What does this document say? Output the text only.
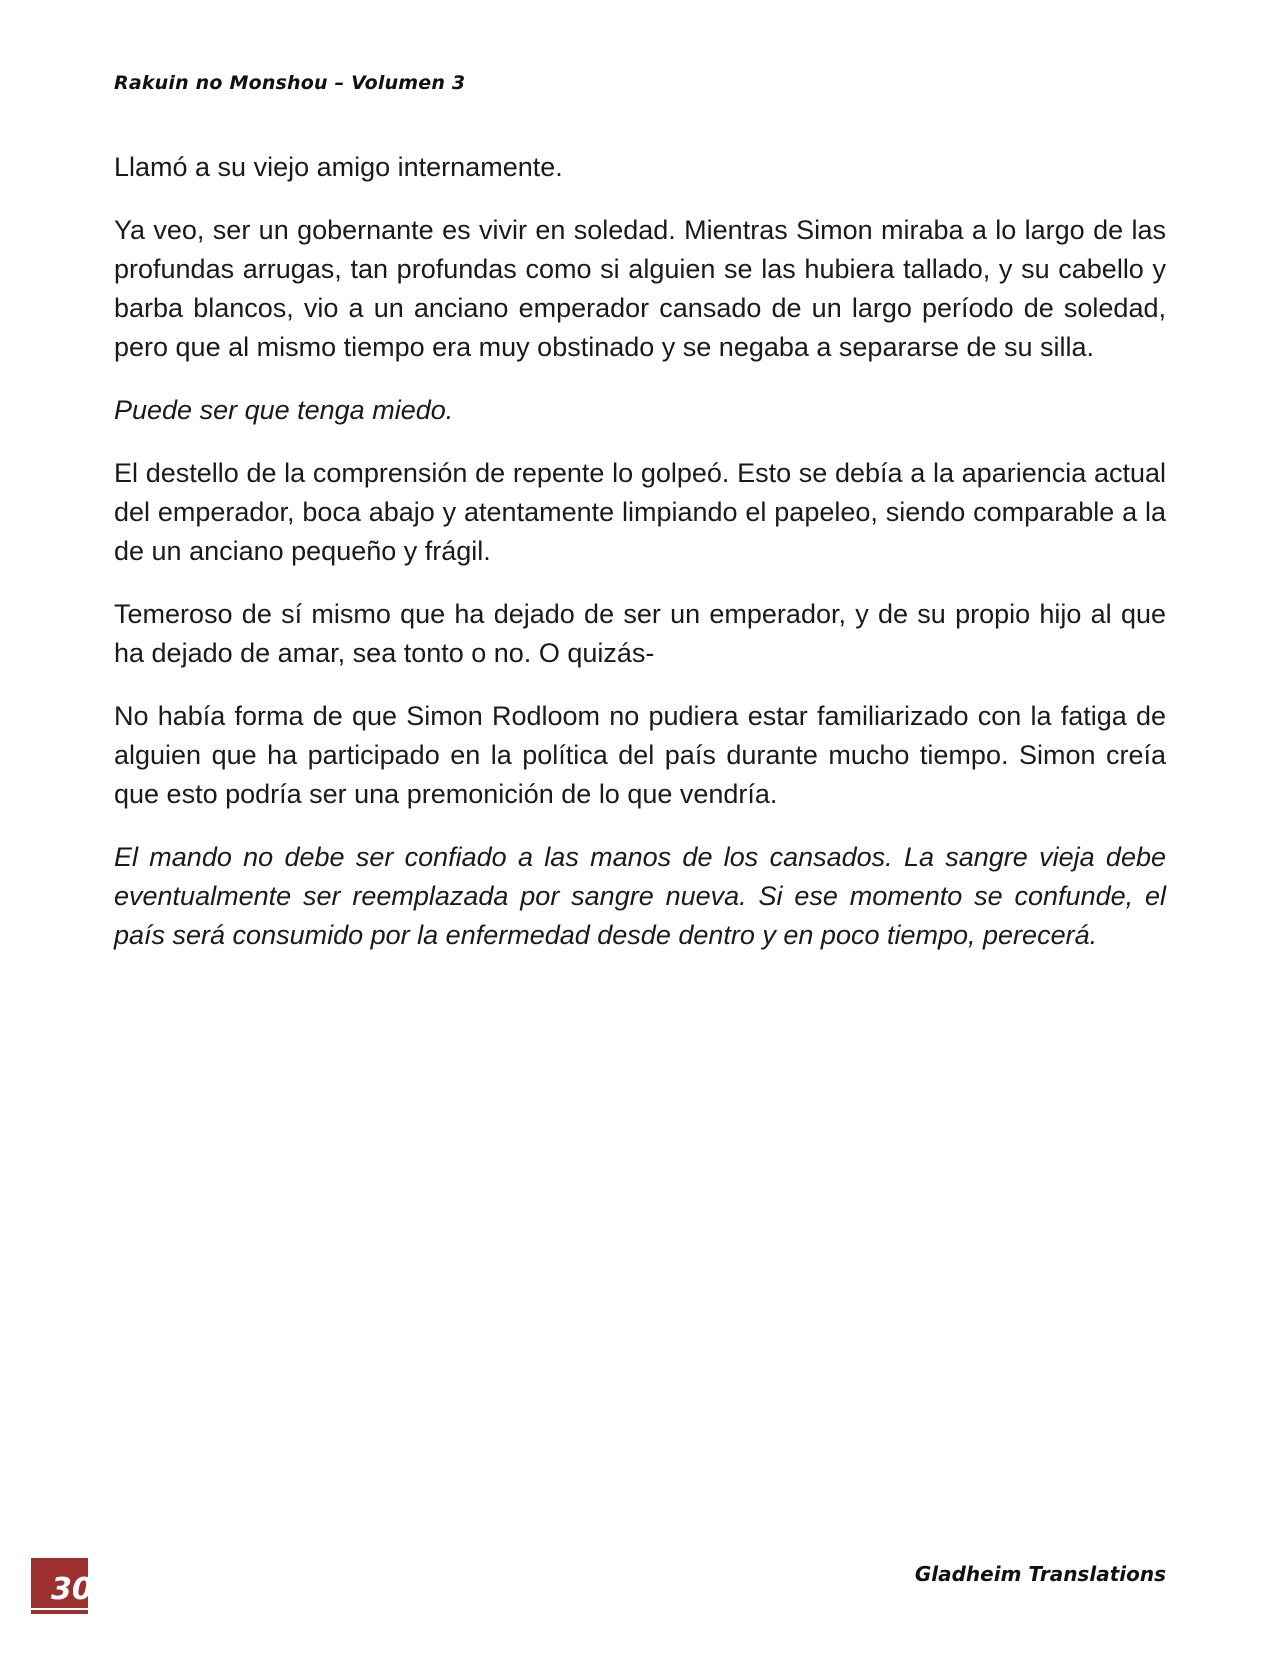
Rakuin no Monshou – Volumen 3

Llamó a su viejo amigo internamente.

Ya veo, ser un gobernante es vivir en soledad. Mientras Simon miraba a lo largo de las profundas arrugas, tan profundas como si alguien se las hubiera tallado, y su cabello y barba blancos, vio a un anciano emperador cansado de un largo período de soledad, pero que al mismo tiempo era muy obstinado y se negaba a separarse de su silla.

Puede ser que tenga miedo.

El destello de la comprensión de repente lo golpeó. Esto se debía a la apariencia actual del emperador, boca abajo y atentamente limpiando el papeleo, siendo comparable a la de un anciano pequeño y frágil.

Temeroso de sí mismo que ha dejado de ser un emperador, y de su propio hijo al que ha dejado de amar, sea tonto o no. O quizás-

No había forma de que Simon Rodloom no pudiera estar familiarizado con la fatiga de alguien que ha participado en la política del país durante mucho tiempo. Simon creía que esto podría ser una premonición de lo que vendría.

El mando no debe ser confiado a las manos de los cansados. La sangre vieja debe eventualmente ser reemplazada por sangre nueva. Si ese momento se confunde, el país será consumido por la enfermedad desde dentro y en poco tiempo, perecerá.

30	Gladheim Translations
